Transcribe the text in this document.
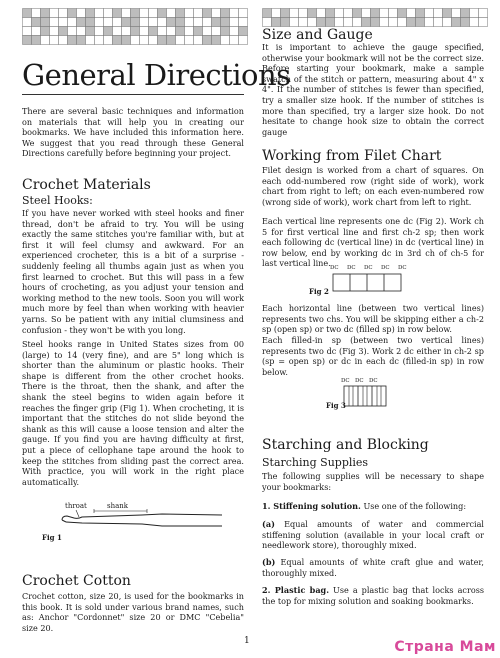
General Directions

There are several basic techniques and information on materials that will help you in creating our bookmarks. We have included this information here. We suggest that you read through these General Directions carefully before beginning your project.

Crochet Materials
Steel Hooks:

If you have never worked with steel hooks and finer thread, don't be afraid to try. You will be using exactly the same stitches you're familiar with, but at first it will feel clumsy and awkward. For an experienced crocheter, this is a bit of a surprise - suddenly feeling all thumbs again just as when you first learned to crochet. But this will pass in a few hours of crocheting, as you adjust your tension and working method to the new tools. Soon you will work much more by feel than when working with heavier yarns. So be patient with any initial clumsiness and confusion - they won't be with you long.

Steel hooks range in United States sizes from 00 (large) to 14 (very fine), and are 5" long which is shorter than the aluminum or plastic hooks. Their shape is different from the other crochet hooks. There is the throat, then the shank, and after the shank the steel begins to widen again before it reaches the finger grip (Fig 1). When crocheting, it is important that the stitches do not slide beyond the shank as this will cause a loose tension and alter the gauge. If you find you are having difficulty at first, put a piece of cellophane tape around the hook to keep the stitches from sliding past the correct area. With practice, you will work in the right place automatically.

throat	shank
Fig 1
Crochet Cotton

Crochet cotton, size 20, is used for the bookmarks in this book. It is sold under various brand names, such as: Anchor "Cordonnet" size 20 or DMC "Cebelia" size 20.

Size and Gauge

It is important to achieve the gauge specified, otherwise your bookmark will not be the correct size. Before starting your bookmark, make a sample swatch of the stitch or pattern, measuring about 4" x 4". If the number of stitches is fewer than specified, try a smaller size hook. If the number of stitches is more than specified, try a larger size hook. Do not hesitate to change hook size to obtain the correct gauge

Working from Filet Chart

Filet design is worked from a chart of squares. On each odd-numbered row (right side of work), work chart from right to left; on each even-numbered row (wrong side of work), work chart from left to right.

Each vertical line represents one dc (Fig 2). Work ch 5 for first vertical line and first ch-2 sp; then work each following dc (vertical line) in dc (vertical line) in row below, end by working dc in 3rd ch of ch-5 for last vertical line.

Fig 2
DC DC DC DC DC

Each horizontal line (between two vertical lines) represents two chs. You will be skipping either a ch-2 sp (open sp) or two dc (filled sp) in row below.

Each filled-in sp (between two vertical lines) represents two dc (Fig 3). Work 2 dc either in ch-2 sp (sp = open sp) or dc in each dc (filled-in sp) in row below.

Fig 3
DC DC DC
Starching and Blocking
Starching Supplies

The following supplies will be necessary to shape your bookmarks:

1. Stiffening solution. Use one of the following:

(a) Equal amounts of water and commercial stiffening solution (available in your local craft or needlework store), thoroughly mixed.

(b) Equal amounts of white craft glue and water, thoroughly mixed.

2. Plastic bag. Use a plastic bag that locks across the top for mixing solution and soaking bookmarks.

1	Страна Мам
